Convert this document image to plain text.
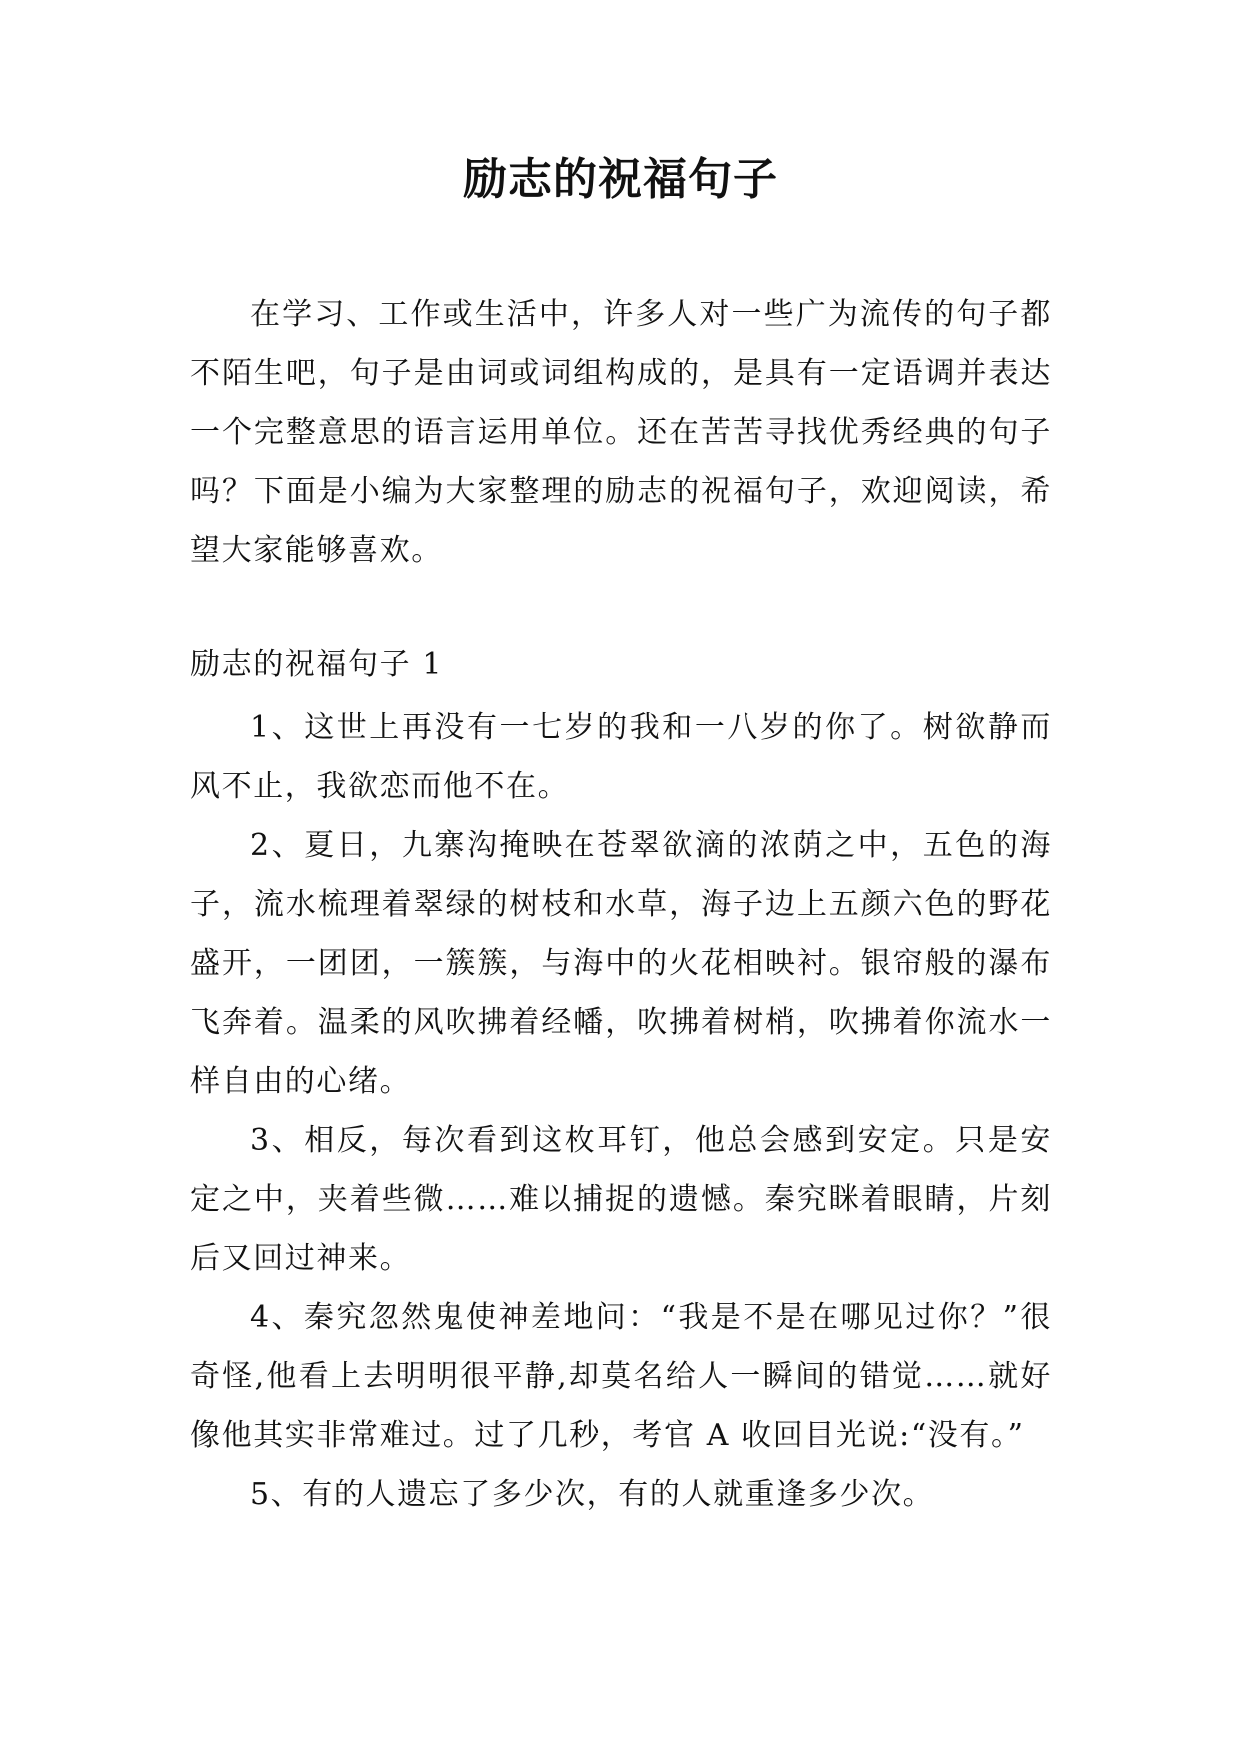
励志的祝福句子

在学习、工作或生活中，许多人对一些广为流传的句子都不陌生吧，句子是由词或词组构成的，是具有一定语调并表达一个完整意思的语言运用单位。还在苦苦寻找优秀经典的句子吗？下面是小编为大家整理的励志的祝福句子，欢迎阅读，希望大家能够喜欢。

励志的祝福句子 1

1、这世上再没有一七岁的我和一八岁的你了。树欲静而风不止，我欲恋而他不在。

2、夏日，九寨沟掩映在苍翠欲滴的浓荫之中，五色的海子，流水梳理着翠绿的树枝和水草，海子边上五颜六色的野花盛开，一团团，一簇簇，与海中的火花相映衬。银帘般的瀑布飞奔着。温柔的风吹拂着经幡，吹拂着树梢，吹拂着你流水一样自由的心绪。

3、相反，每次看到这枚耳钉，他总会感到安定。只是安定之中，夹着些微……难以捕捉的遗憾。秦究眯着眼睛，片刻后又回过神来。

4、秦究忽然鬼使神差地问：“我是不是在哪见过你？”很奇怪,他看上去明明很平静,却莫名给人一瞬间的错觉……就好像他其实非常难过。过了几秒，考官 A 收回目光说:“没有。”

5、有的人遗忘了多少次，有的人就重逢多少次。
